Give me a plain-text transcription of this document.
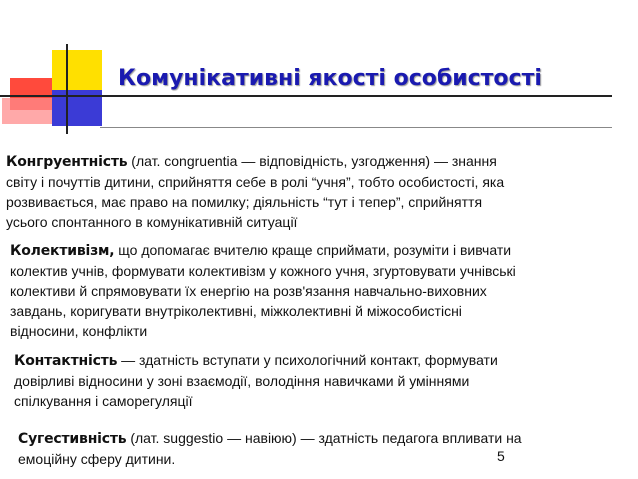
Комунікативні якості особистості
Конгруентність (лат. congruentia — відповідність, узгодження) — знання
світу і почуттів дитини, сприйняття себе в ролі “учня”, тобто особистості, яка
розвивається, має право на помилку; діяльність “тут і тепер”, сприйняття
усього спонтанного в комунікативній ситуації
Колективізм, що допомагає вчителю краще сприймати, розуміти і вивчати
колектив учнів, формувати колективізм у кожного учня, згуртовувати учнівські
колективи й спрямовувати їх енергію на розв'язання навчально-виховних
завдань, коригувати внутріколективні, міжколективні й міжособистісні
відносини, конфлікти
Контактність — здатність вступати у психологічний контакт, формувати
довірливі відносини у зоні взаємодії, володіння навичками й уміннями
спілкування і саморегуляції
Сугестивність (лат. suggestio — навіюю) — здатність педагога впливати на
емоційну сферу дитини.	5
